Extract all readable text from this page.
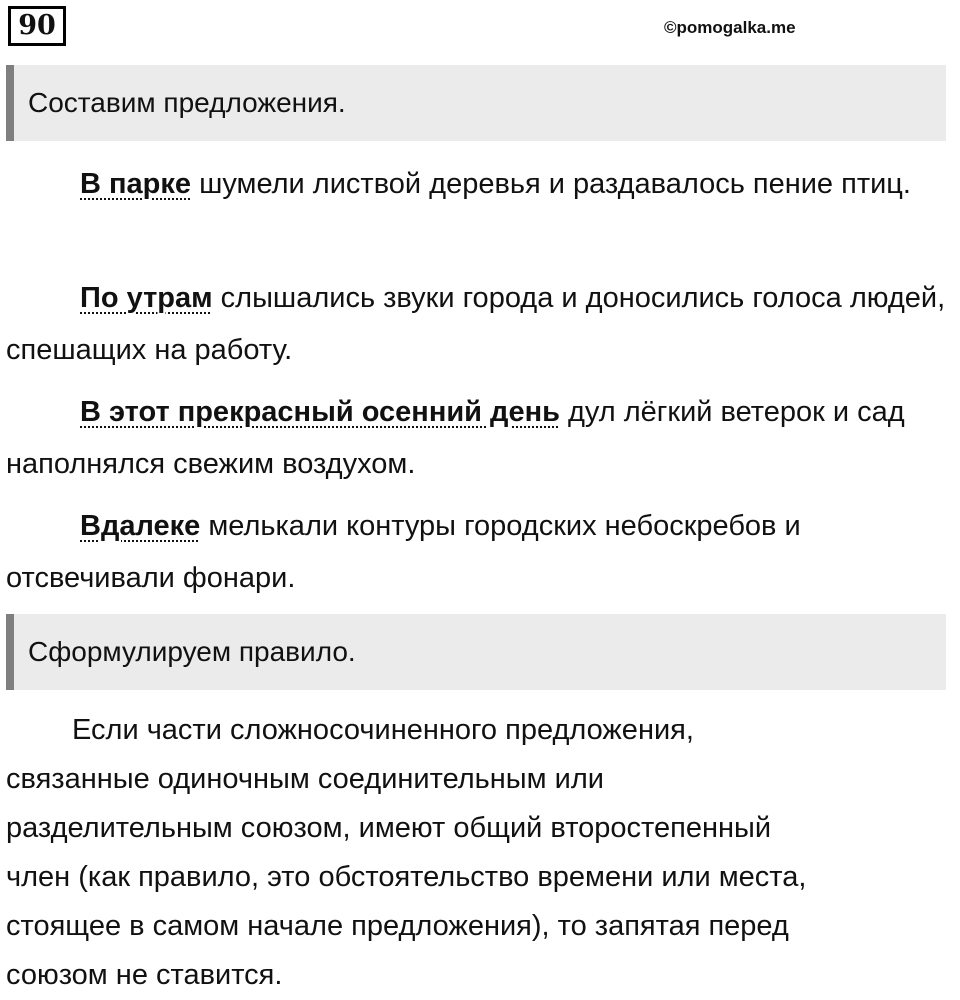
90	©pomogalka.me
Составим предложения.
В парке шумели листвой деревья и раздавалось пение птиц.
По утрам слышались звуки города и доносились голоса людей, спешащих на работу.
В этот прекрасный осенний день дул лёгкий ветерок и сад наполнялся свежим воздухом.
Вдалеке мелькали контуры городских небоскребов и отсвечивали фонари.
Сформулируем правило.
Если части сложносочиненного предложения,
связанные одиночным соединительным или
разделительным союзом, имеют общий второстепенный
член (как правило, это обстоятельство времени или места,
стоящее в самом начале предложения), то запятая перед
союзом не ставится.
